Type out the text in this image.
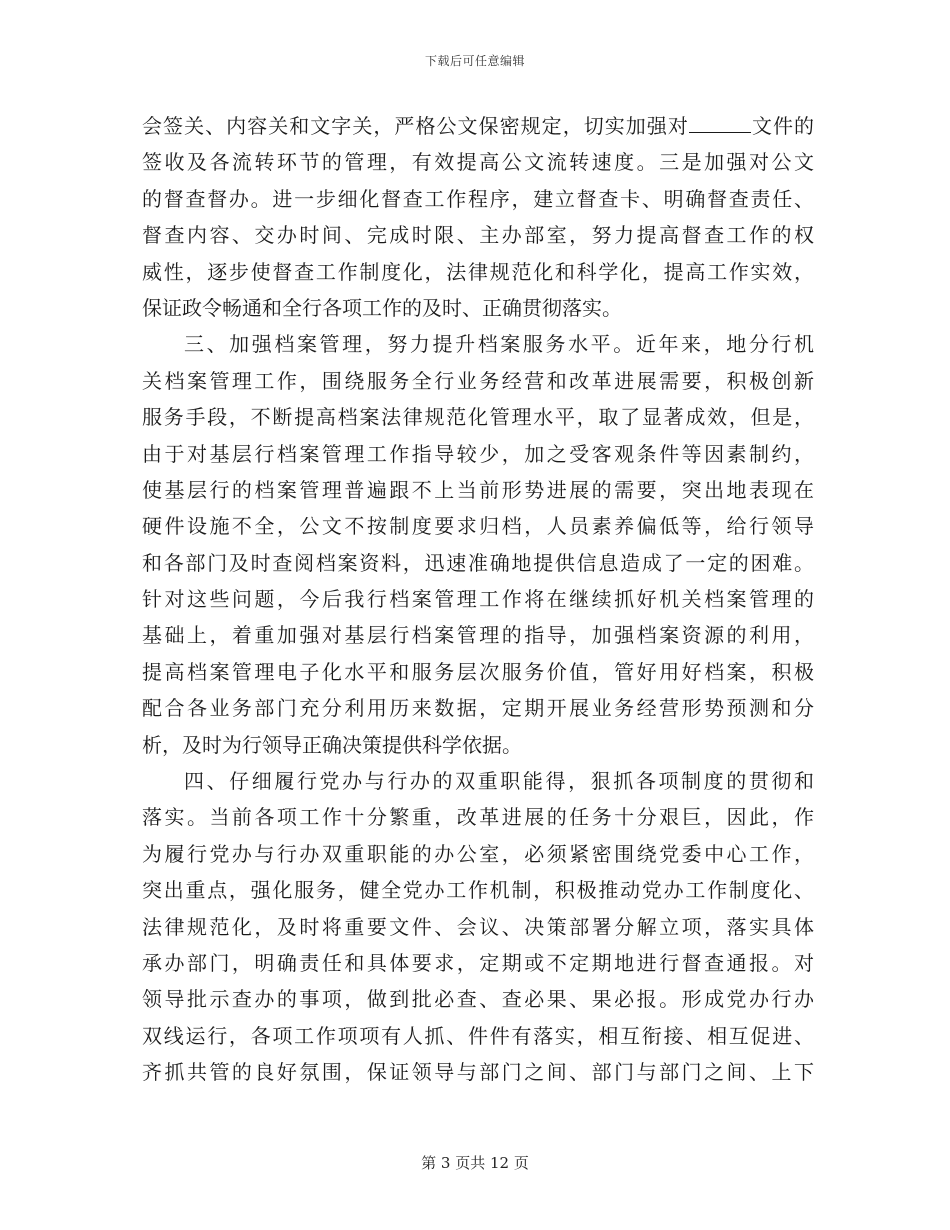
下载后可任意编辑
会签关、内容关和文字关，严格公文保密规定，切实加强对	文件的
签收及各流转环节的管理，有效提高公文流转速度。三是加强对公文
的督查督办。进一步细化督查工作程序，建立督查卡、明确督查责任、
督查内容、交办时间、完成时限、主办部室，努力提高督查工作的权
威性，逐步使督查工作制度化，法律规范化和科学化，提高工作实效，
保证政令畅通和全行各项工作的及时、正确贯彻落实。
三、加强档案管理，努力提升档案服务水平。近年来，地分行机
关档案管理工作，围绕服务全行业务经营和改革进展需要，积极创新
服务手段，不断提高档案法律规范化管理水平，取了显著成效，但是，
由于对基层行档案管理工作指导较少，加之受客观条件等因素制约，
使基层行的档案管理普遍跟不上当前形势进展的需要，突出地表现在
硬件设施不全，公文不按制度要求归档，人员素养偏低等，给行领导
和各部门及时查阅档案资料，迅速准确地提供信息造成了一定的困难。
针对这些问题，今后我行档案管理工作将在继续抓好机关档案管理的
基础上，着重加强对基层行档案管理的指导，加强档案资源的利用，
提高档案管理电子化水平和服务层次服务价值，管好用好档案，积极
配合各业务部门充分利用历来数据，定期开展业务经营形势预测和分
析，及时为行领导正确决策提供科学依据。
四、仔细履行党办与行办的双重职能得，狠抓各项制度的贯彻和
落实。当前各项工作十分繁重，改革进展的任务十分艰巨，因此，作
为履行党办与行办双重职能的办公室，必须紧密围绕党委中心工作，
突出重点，强化服务，健全党办工作机制，积极推动党办工作制度化、
法律规范化，及时将重要文件、会议、决策部署分解立项，落实具体
承办部门，明确责任和具体要求，定期或不定期地进行督查通报。对
领导批示查办的事项，做到批必查、查必果、果必报。形成党办行办
双线运行，各项工作项项有人抓、件件有落实，相互衔接、相互促进、
齐抓共管的良好氛围，保证领导与部门之间、部门与部门之间、上下
第 3 页共 12 页
